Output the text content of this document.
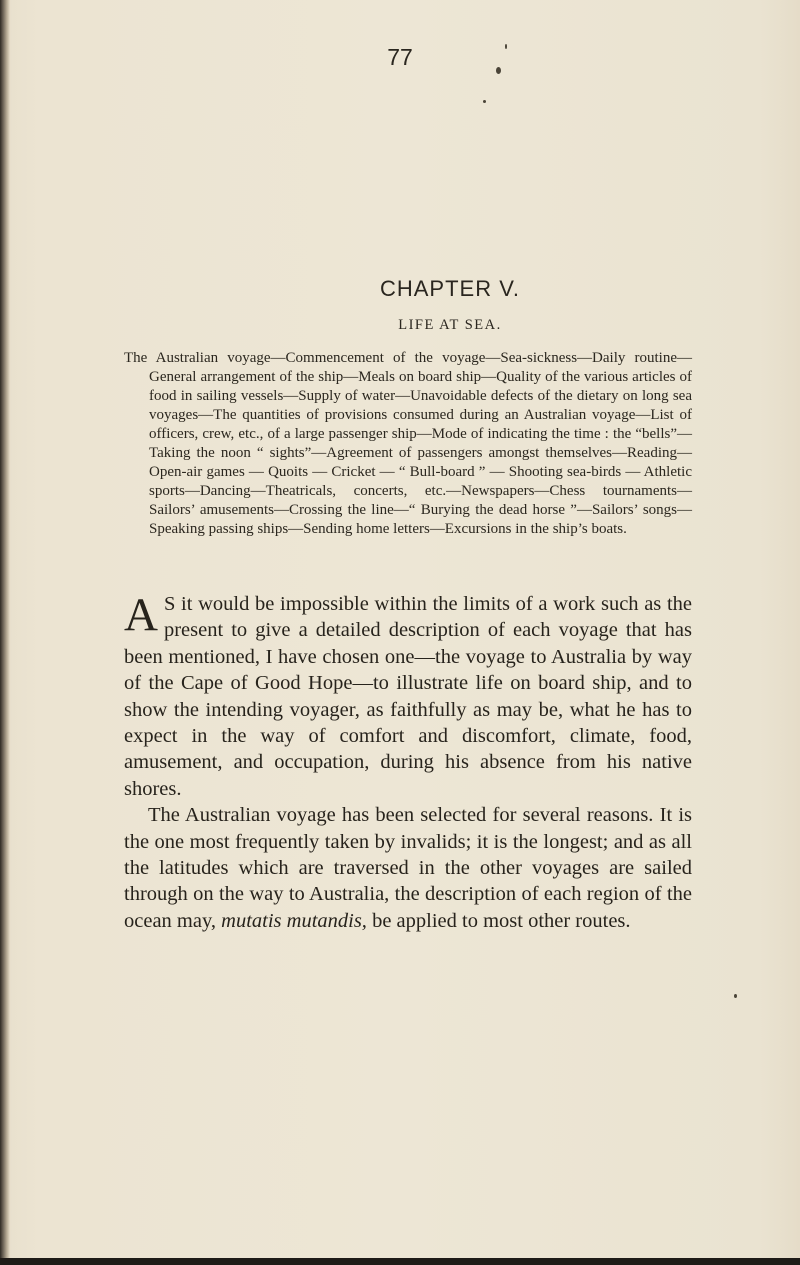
77
CHAPTER V.
LIFE AT SEA.

The Australian voyage—Commencement of the voyage—Sea-sickness—Daily routine—General arrangement of the ship—Meals on board ship—Quality of the various articles of food in sailing vessels—Supply of water—Unavoidable defects of the dietary on long sea voyages—The quantities of provisions consumed during an Australian voyage—List of officers, crew, etc., of a large passenger ship—Mode of indicating the time : the “bells”—Taking the noon “ sights”—Agreement of passengers amongst themselves—Reading—Open-air games — Quoits — Cricket — “ Bull-board ” — Shooting sea-birds — Athletic sports—Dancing—Theatricals, concerts, etc.—Newspapers—Chess tournaments—Sailors’ amusements—Crossing the line—“ Burying the dead horse ”—Sailors’ songs—Speaking passing ships—Sending home letters—Excursions in the ship’s boats.

A S it would be impossible within the limits of a work such as the present to give a detailed description of each voyage that has been mentioned, I have chosen one—the voyage to Australia by way of the Cape of Good Hope—to illustrate life on board ship, and to show the intending voyager, as faithfully as may be, what he has to expect in the way of comfort and discomfort, climate, food, amusement, and occupation, during his absence from his native shores.

The Australian voyage has been selected for several reasons. It is the one most frequently taken by invalids; it is the longest; and as all the latitudes which are traversed in the other voyages are sailed through on the way to Australia, the description of each region of the ocean may, mutatis mutandis, be applied to most other routes.
